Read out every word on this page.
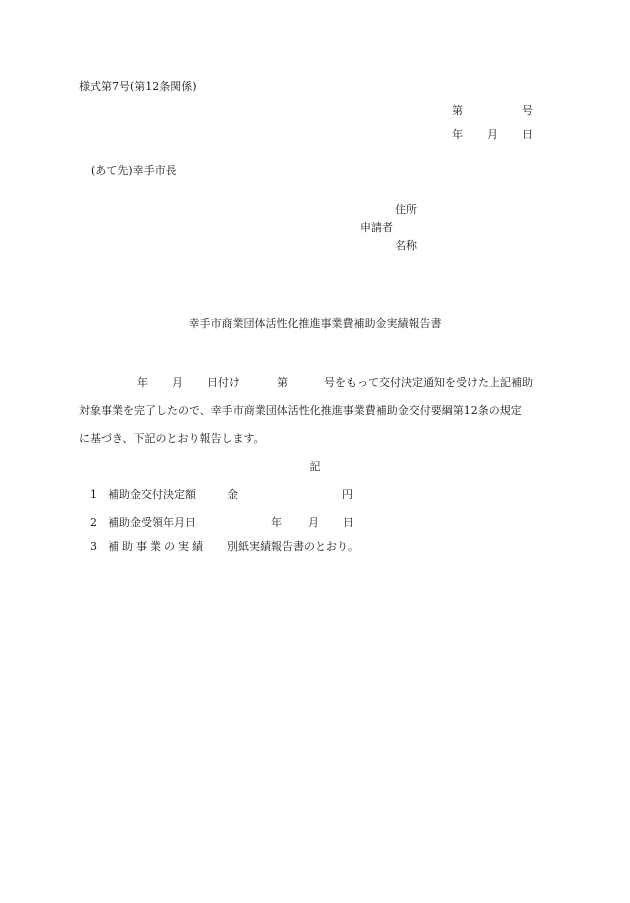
様式第7号(第12条関係)
第	号
年 月 日
(あて先)幸手市長
住所
申請者
名称
幸手市商業団体活性化推進事業費補助金実績報告書
年 月 日付け	第	号をもって交付決定通知を受けた上記補助
対象事業を完了したので、幸手市商業団体活性化推進事業費補助金交付要綱第12条の規定
に基づき、下記のとおり報告します。
記
1 補助金交付決定額	金	円
2 補助金受領年月日	年 月 日
3 補助事業の実績 別紙実績報告書のとおり。
